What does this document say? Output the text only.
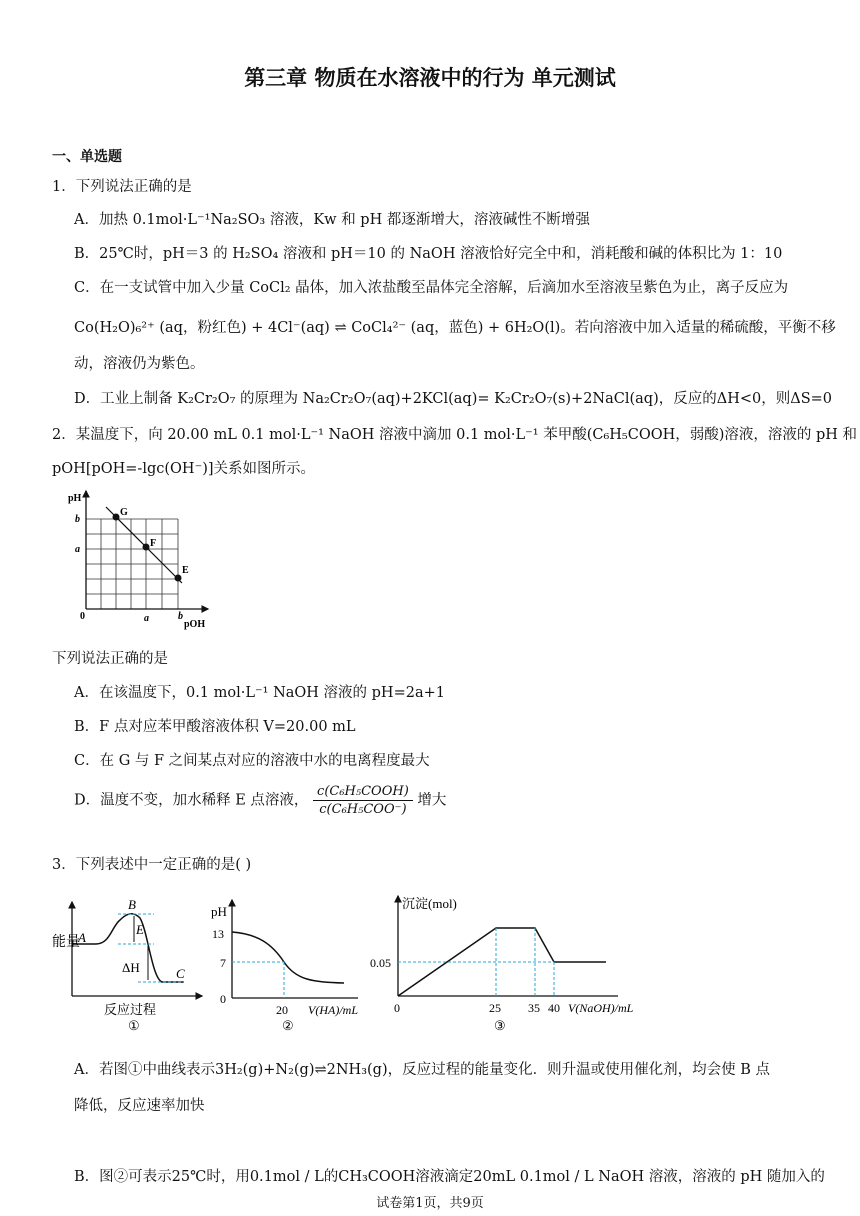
第三章 物质在水溶液中的行为 单元测试
一、单选题
1．下列说法正确的是
A．加热 0.1mol·L⁻¹Na₂SO₃ 溶液，Kw 和 pH 都逐渐增大，溶液碱性不断增强
B．25℃时，pH＝3 的 H₂SO₄ 溶液和 pH＝10 的 NaOH 溶液恰好完全中和，消耗酸和碱的体积比为 1：10
C．在一支试管中加入少量 CoCl₂ 晶体，加入浓盐酸至晶体完全溶解，后滴加水至溶液呈紫色为止，离子反应为
Co(H₂O)₆²⁺ (aq，粉红色) + 4Cl⁻(aq) ⇌ CoCl₄²⁻ (aq，蓝色) + 6H₂O(l)。若向溶液中加入适量的稀硫酸，平衡不移
动，溶液仍为紫色。
D．工业上制备 K₂Cr₂O₇ 的原理为 Na₂Cr₂O₇(aq)+2KCl(aq)= K₂Cr₂O₇(s)+2NaCl(aq)，反应的ΔH<0，则ΔS=0
2．某温度下，向 20.00 mL 0.1 mol·L⁻¹ NaOH 溶液中滴加 0.1 mol·L⁻¹ 苯甲酸(C₆H₅COOH，弱酸)溶液，溶液的 pH 和
pOH[pOH=-lgc(OH⁻)]关系如图所示。
pH
b
a
0	a	b
pOH
G
F
E
下列说法正确的是
A．在该温度下，0.1 mol·L⁻¹ NaOH 溶液的 pH=2a+1
B．F 点对应苯甲酸溶液体积 V=20.00 mL
C．在 G 与 F 之间某点对应的溶液中水的电离程度最大
D．温度不变，加水稀释 E 点溶液， $\frac{\text{c(C₆H₅COOH)}}{\text{c(C₆H₅COO⁻)}}$ 增大
3．下列表述中一定正确的是( )
能量
A
B
E
ΔH	C
反应过程
①
pH
13
7
0
20 V(HA)/mL
②
沉淀(mol)
0.05
0	25 35 40 V(NaOH)/mL
③
A．若图①中曲线表示3H₂(g)+N₂(g)⇌2NH₃(g)，反应过程的能量变化．则升温或使用催化剂，均会使 B 点
降低，反应速率加快
B．图②可表示25℃时，用0.1mol / L的CH₃COOH溶液滴定20mL 0.1mol / L NaOH 溶液，溶液的 pH 随加入的
试卷第1页，共9页
